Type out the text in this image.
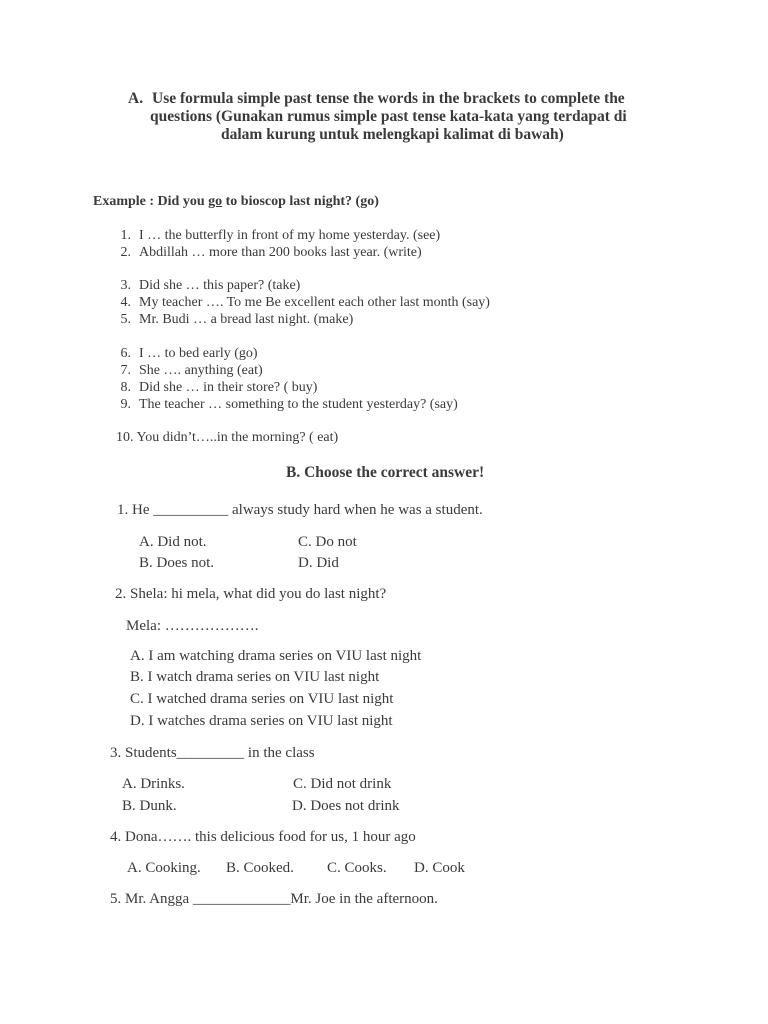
A. Use formula simple past tense the words in the brackets to complete the
questions (Gunakan rumus simple past tense kata-kata yang terdapat di
dalam kurung untuk melengkapi kalimat di bawah)
Example : Did you go to bioscop last night? (go)
1. I … the butterfly in front of my home yesterday. (see)
2. Abdillah … more than 200 books last year. (write)
3. Did she … this paper? (take)
4. My teacher …. To me Be excellent each other last month (say)
5. Mr. Budi … a bread last night. (make)
6. I … to bed early (go)
7. She …. anything (eat)
8. Did she … in their store? ( buy)
9. The teacher … something to the student yesterday? (say)
10. You didn’t…..in the morning? ( eat)
B. Choose the correct answer!
1. He __________ always study hard when he was a student.
A. Did not.	C. Do not
B. Does not.	D. Did
2. Shela: hi mela, what did you do last night?
Mela: ……………….
A. I am watching drama series on VIU last night
B. I watch drama series on VIU last night
C. I watched drama series on VIU last night
D. I watches drama series on VIU last night
3. Students_________ in the class
A. Drinks.	C. Did not drink
B. Dunk.	D. Does not drink
4. Dona……. this delicious food for us, 1 hour ago
A. Cooking. B. Cooked. C. Cooks. D. Cook
5. Mr. Angga _____________Mr. Joe in the afternoon.
